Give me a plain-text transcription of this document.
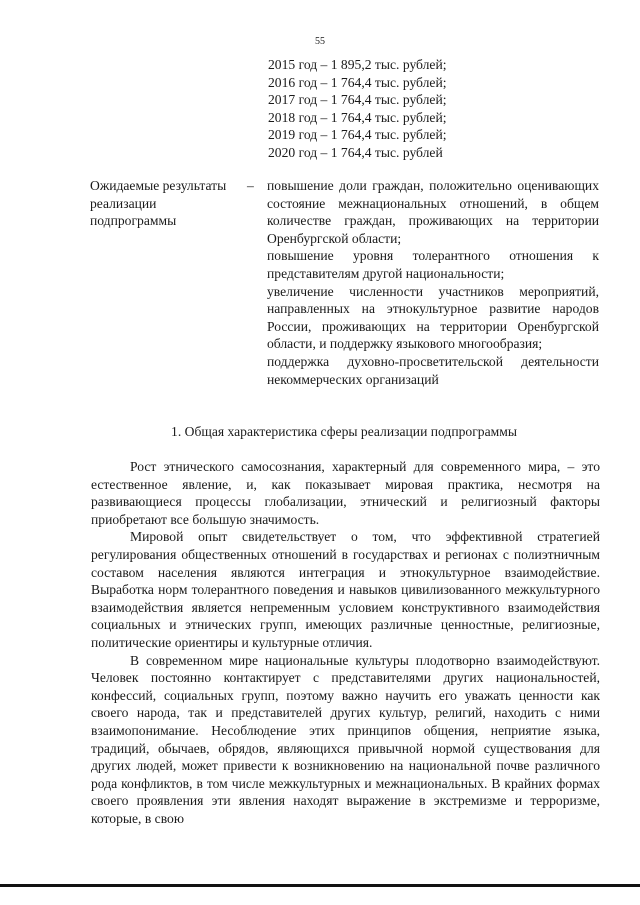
55
2015 год – 1 895,2 тыс. рублей;
2016 год – 1 764,4 тыс. рублей;
2017 год – 1 764,4 тыс. рублей;
2018 год – 1 764,4 тыс. рублей;
2019 год – 1 764,4 тыс. рублей;
2020 год – 1 764,4 тыс. рублей
Ожидаемые результаты реализации подпрограммы
– повышение доли граждан, положительно оценивающих состояние межнациональных отношений, в общем количестве граждан, проживающих на территории Оренбургской области;
повышение уровня толерантного отношения к представителям другой национальности;
увеличение численности участников мероприятий, направленных на этнокультурное развитие народов России, проживающих на территории Оренбургской области, и поддержку языкового многообразия;
поддержка духовно-просветительской деятельности некоммерческих организаций
1. Общая характеристика сферы реализации подпрограммы

Рост этнического самосознания, характерный для современного мира, – это естественное явление, и, как показывает мировая практика, несмотря на развивающиеся процессы глобализации, этнический и религиозный факторы приобретают все большую значимость.

Мировой опыт свидетельствует о том, что эффективной стратегией регулирования общественных отношений в государствах и регионах с полиэтничным составом населения являются интеграция и этнокультурное взаимодействие. Выработка норм толерантного поведения и навыков цивилизованного межкультурного взаимодействия является непременным условием конструктивного взаимодействия социальных и этнических групп, имеющих различные ценностные, религиозные, политические ориентиры и культурные отличия.

В современном мире национальные культуры плодотворно взаимодействуют. Человек постоянно контактирует с представителями других национальностей, конфессий, социальных групп, поэтому важно научить его уважать ценности как своего народа, так и представителей других культур, религий, находить с ними взаимопонимание. Несоблюдение этих принципов общения, неприятие языка, традиций, обычаев, обрядов, являющихся привычной нормой существования для других людей, может привести к возникновению на национальной почве различного рода конфликтов, в том числе межкультурных и межнациональных. В крайних формах своего проявления эти явления находят выражение в экстремизме и терроризме, которые, в свою
